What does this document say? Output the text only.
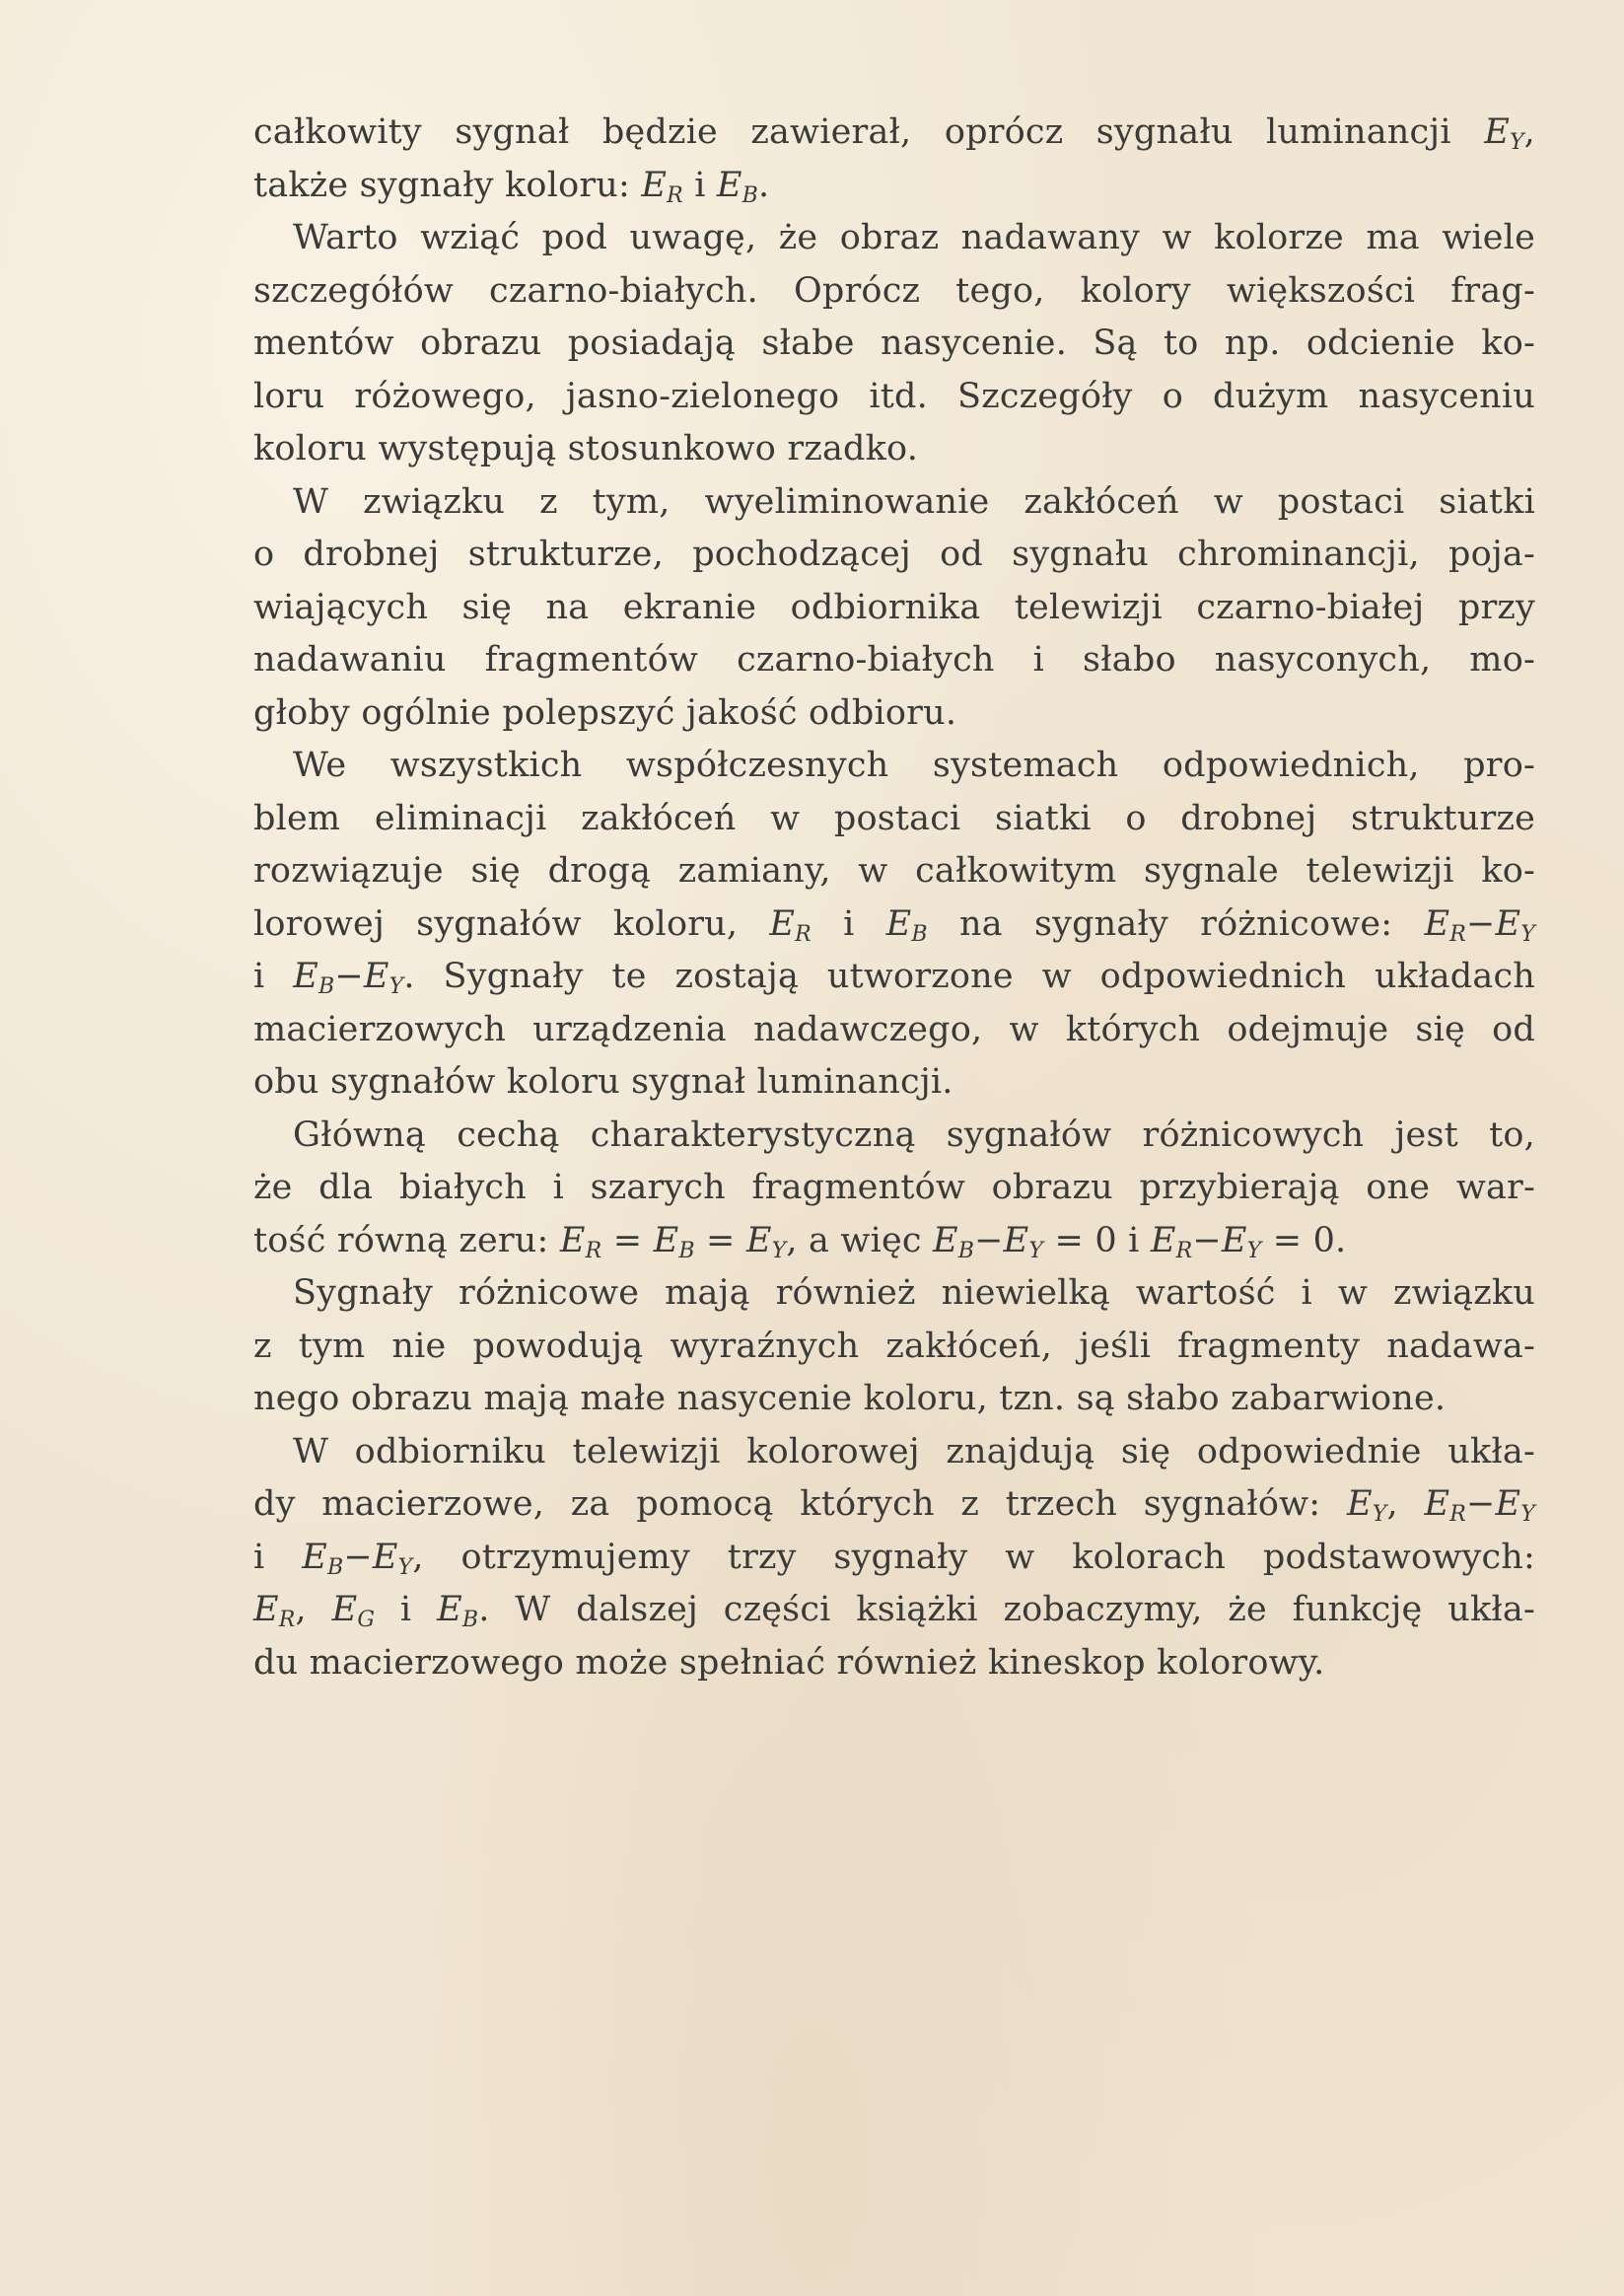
całkowity sygnał będzie zawierał, oprócz sygnału luminancji $E_Y$,
także sygnały koloru: $E_R$ i $E_B$.
Warto wziąć pod uwagę, że obraz nadawany w kolorze ma wiele
szczegółów czarno-białych. Oprócz tego, kolory większości frag-
mentów obrazu posiadają słabe nasycenie. Są to np. odcienie ko-
loru różowego, jasno-zielonego itd. Szczegóły o dużym nasyceniu
koloru występują stosunkowo rzadko.
W związku z tym, wyeliminowanie zakłóceń w postaci siatki
o drobnej strukturze, pochodzącej od sygnału chrominancji, poja-
wiających się na ekranie odbiornika telewizji czarno-białej przy
nadawaniu fragmentów czarno-białych i słabo nasyconych, mo-
głoby ogólnie polepszyć jakość odbioru.
We wszystkich współczesnych systemach odpowiednich, pro-
blem eliminacji zakłóceń w postaci siatki o drobnej strukturze
rozwiązuje się drogą zamiany, w całkowitym sygnale telewizji ko-
lorowej sygnałów koloru, $E_R$ i $E_B$ na sygnały różnicowe: $E_R-E_Y$
i $E_B-E_Y$. Sygnały te zostają utworzone w odpowiednich układach
macierzowych urządzenia nadawczego, w których odejmuje się od
obu sygnałów koloru sygnał luminancji.
Główną cechą charakterystyczną sygnałów różnicowych jest to,
że dla białych i szarych fragmentów obrazu przybierają one war-
tość równą zeru: $E_R = E_B = E_Y$, a więc $E_B-E_Y = 0$ i $E_R-E_Y = 0$.
Sygnały różnicowe mają również niewielką wartość i w związku
z tym nie powodują wyraźnych zakłóceń, jeśli fragmenty nadawa-
nego obrazu mają małe nasycenie koloru, tzn. są słabo zabarwione.
W odbiorniku telewizji kolorowej znajdują się odpowiednie ukła-
dy macierzowe, za pomocą których z trzech sygnałów: $E_Y$, $E_R-E_Y$
i $E_B-E_Y$, otrzymujemy trzy sygnały w kolorach podstawowych:
$E_R$, $E_G$ i $E_B$. W dalszej części książki zobaczymy, że funkcję ukła-
du macierzowego może spełniać również kineskop kolorowy.
